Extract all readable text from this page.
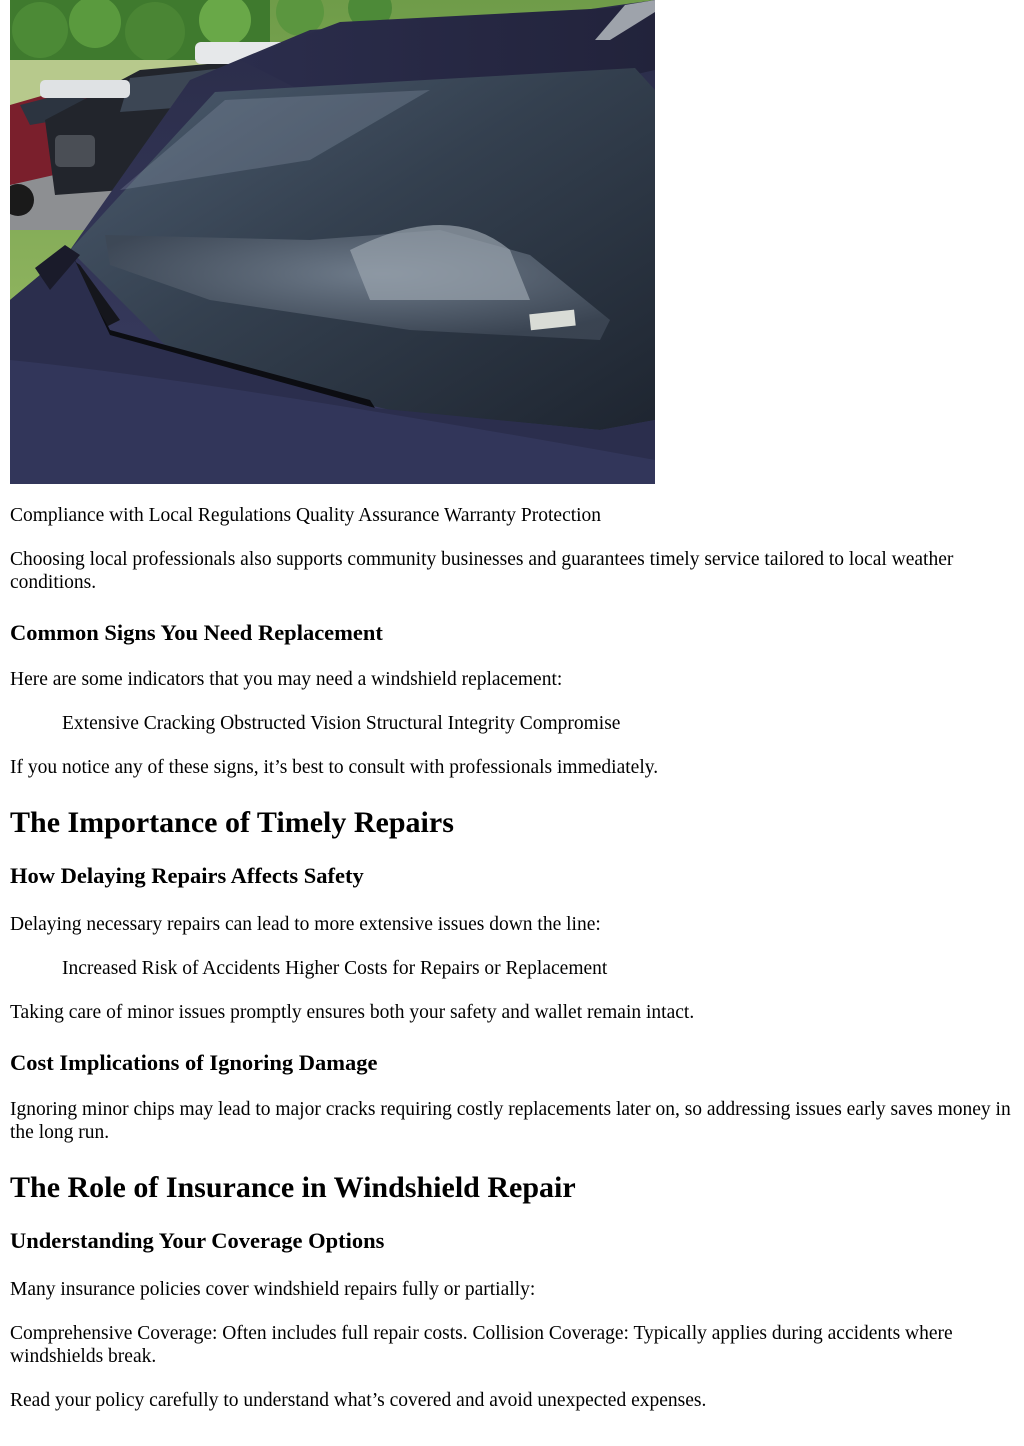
Compliance with Local Regulations Quality Assurance Warranty Protection

Choosing local professionals also supports community businesses and guarantees timely service tailored to local weather conditions.

Common Signs You Need Replacement

Here are some indicators that you may need a windshield replacement:

Extensive Cracking Obstructed Vision Structural Integrity Compromise

If you notice any of these signs, it’s best to consult with professionals immediately.

The Importance of Timely Repairs
How Delaying Repairs Affects Safety

Delaying necessary repairs can lead to more extensive issues down the line:

Increased Risk of Accidents Higher Costs for Repairs or Replacement

Taking care of minor issues promptly ensures both your safety and wallet remain intact.

Cost Implications of Ignoring Damage

Ignoring minor chips may lead to major cracks requiring costly replacements later on, so addressing issues early saves money in the long run.

The Role of Insurance in Windshield Repair
Understanding Your Coverage Options

Many insurance policies cover windshield repairs fully or partially:

Comprehensive Coverage: Often includes full repair costs. Collision Coverage: Typically applies during accidents where windshields break.

Read your policy carefully to understand what’s covered and avoid unexpected expenses.
